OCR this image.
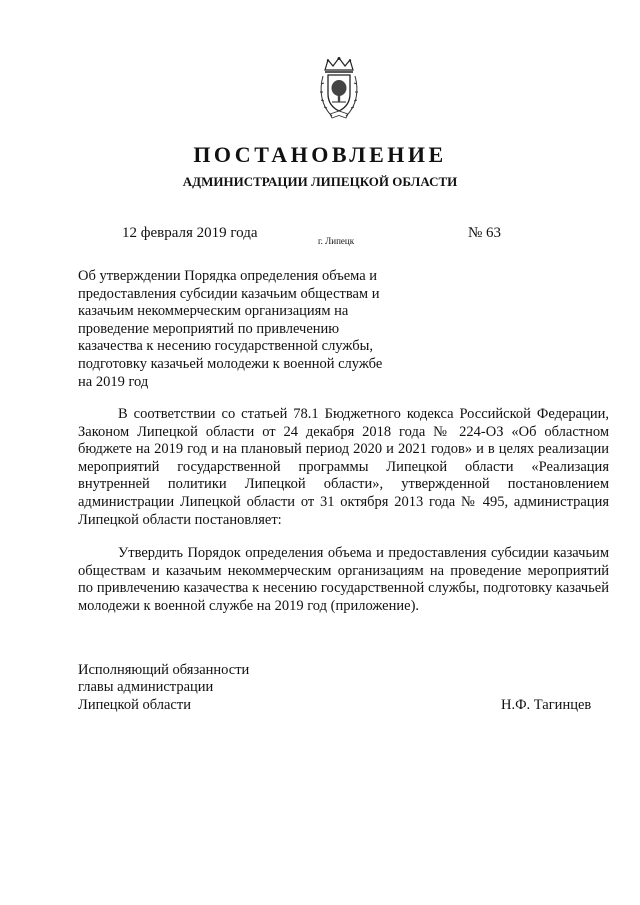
ПОСТАНОВЛЕНИЕ
АДМИНИСТРАЦИИ ЛИПЕЦКОЙ ОБЛАСТИ
12 февраля 2019 года	г. Липецк	№ 63
Об утверждении Порядка определения объема и
предоставления субсидии казачьим обществам и
казачьим некоммерческим организациям на
проведение мероприятий по привлечению
казачества к несению государственной службы,
подготовку казачьей молодежи к военной службе
на 2019 год
В соответствии со статьей 78.1 Бюджетного кодекса Российской Федерации, Законом Липецкой области от 24 декабря 2018 года № 224-ОЗ «Об областном бюджете на 2019 год и на плановый период 2020 и 2021 годов» и в целях реализации мероприятий государственной программы Липецкой области «Реализация внутренней политики Липецкой области», утвержденной постановлением администрации Липецкой области от 31 октября 2013 года № 495, администрация Липецкой области постановляет:
Утвердить Порядок определения объема и предоставления субсидии казачьим обществам и казачьим некоммерческим организациям на проведение мероприятий по привлечению казачества к несению государственной службы, подготовку казачьей молодежи к военной службе на 2019 год (приложение).
Исполняющий обязанности
главы администрации
Липецкой области	Н.Ф. Тагинцев
